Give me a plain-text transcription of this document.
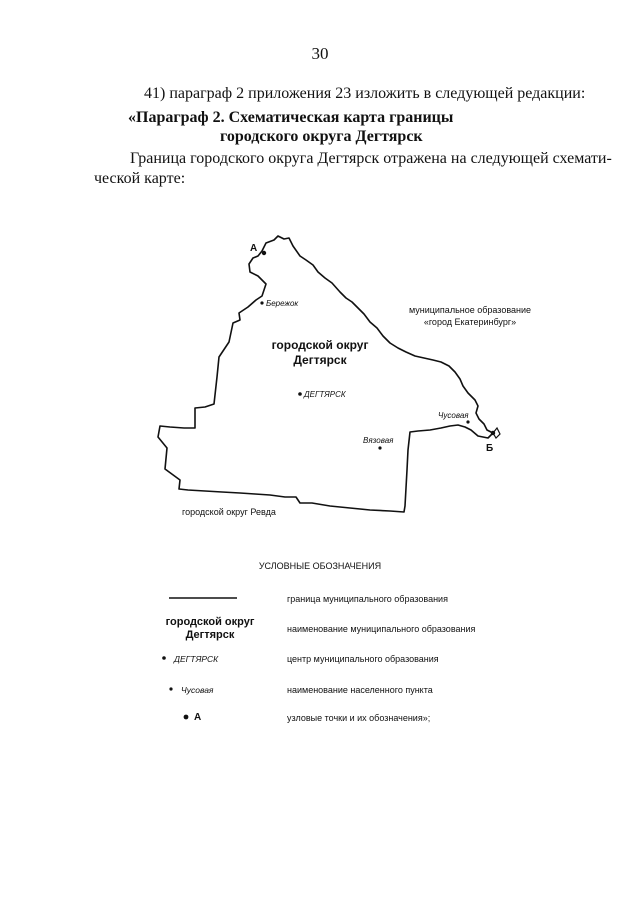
30
41) параграф 2 приложения 23 изложить в следующей редакции:
«Параграф 2. Схематическая карта границы
городского округа Дегтярск
Граница городского округа Дегтярск отражена на следующей схемати-
ческой карте:
А
Б
Бережок
Чусовая
Вязовая
ДЕГТЯРСК
городской округ
Дегтярск
муниципальное образование
«город Екатеринбург»
городской округ Ревда
УСЛОВНЫЕ ОБОЗНАЧЕНИЯ
граница муниципального образования
городской округ
Дегтярск	наименование муниципального образования
ДЕГТЯРСК	центр муниципального образования
Чусовая	наименование населенного пункта
А	узловые точки и их обозначения»;
